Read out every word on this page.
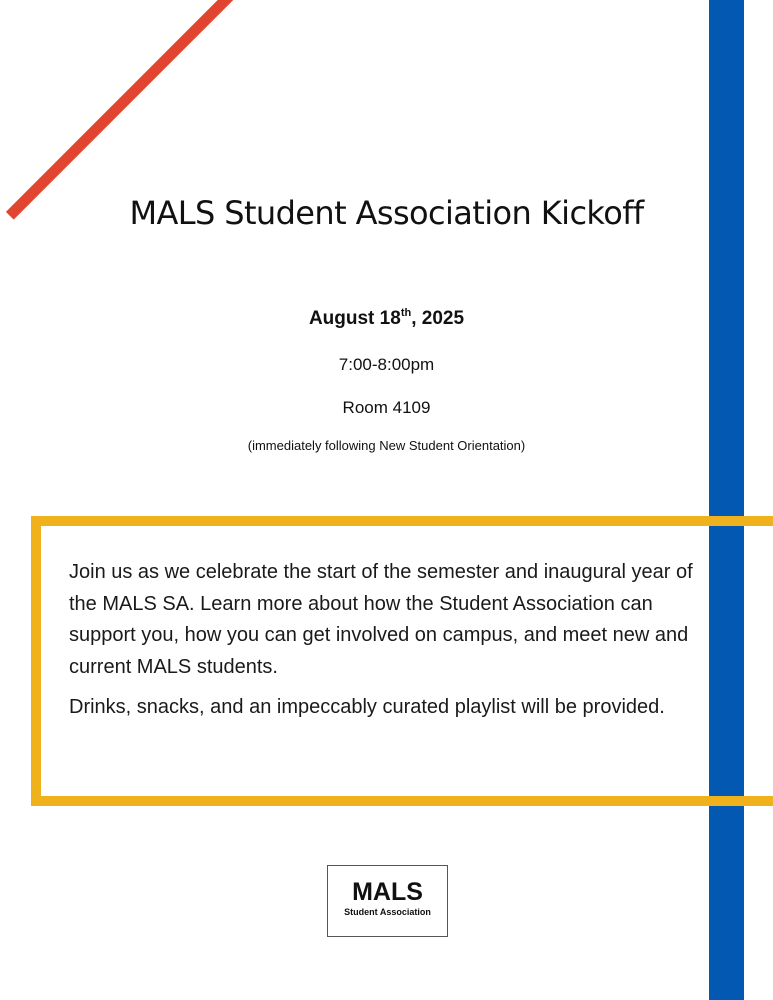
MALS Student Association Kickoff
August 18th, 2025
7:00-8:00pm
Room 4109
(immediately following New Student Orientation)

Join us as we celebrate the start of the semester and inaugural year of the MALS SA. Learn more about how the Student Association can support you, how you can get involved on campus, and meet new and current MALS students.

Drinks, snacks, and an impeccably curated playlist will be provided.

MALS
Student Association
